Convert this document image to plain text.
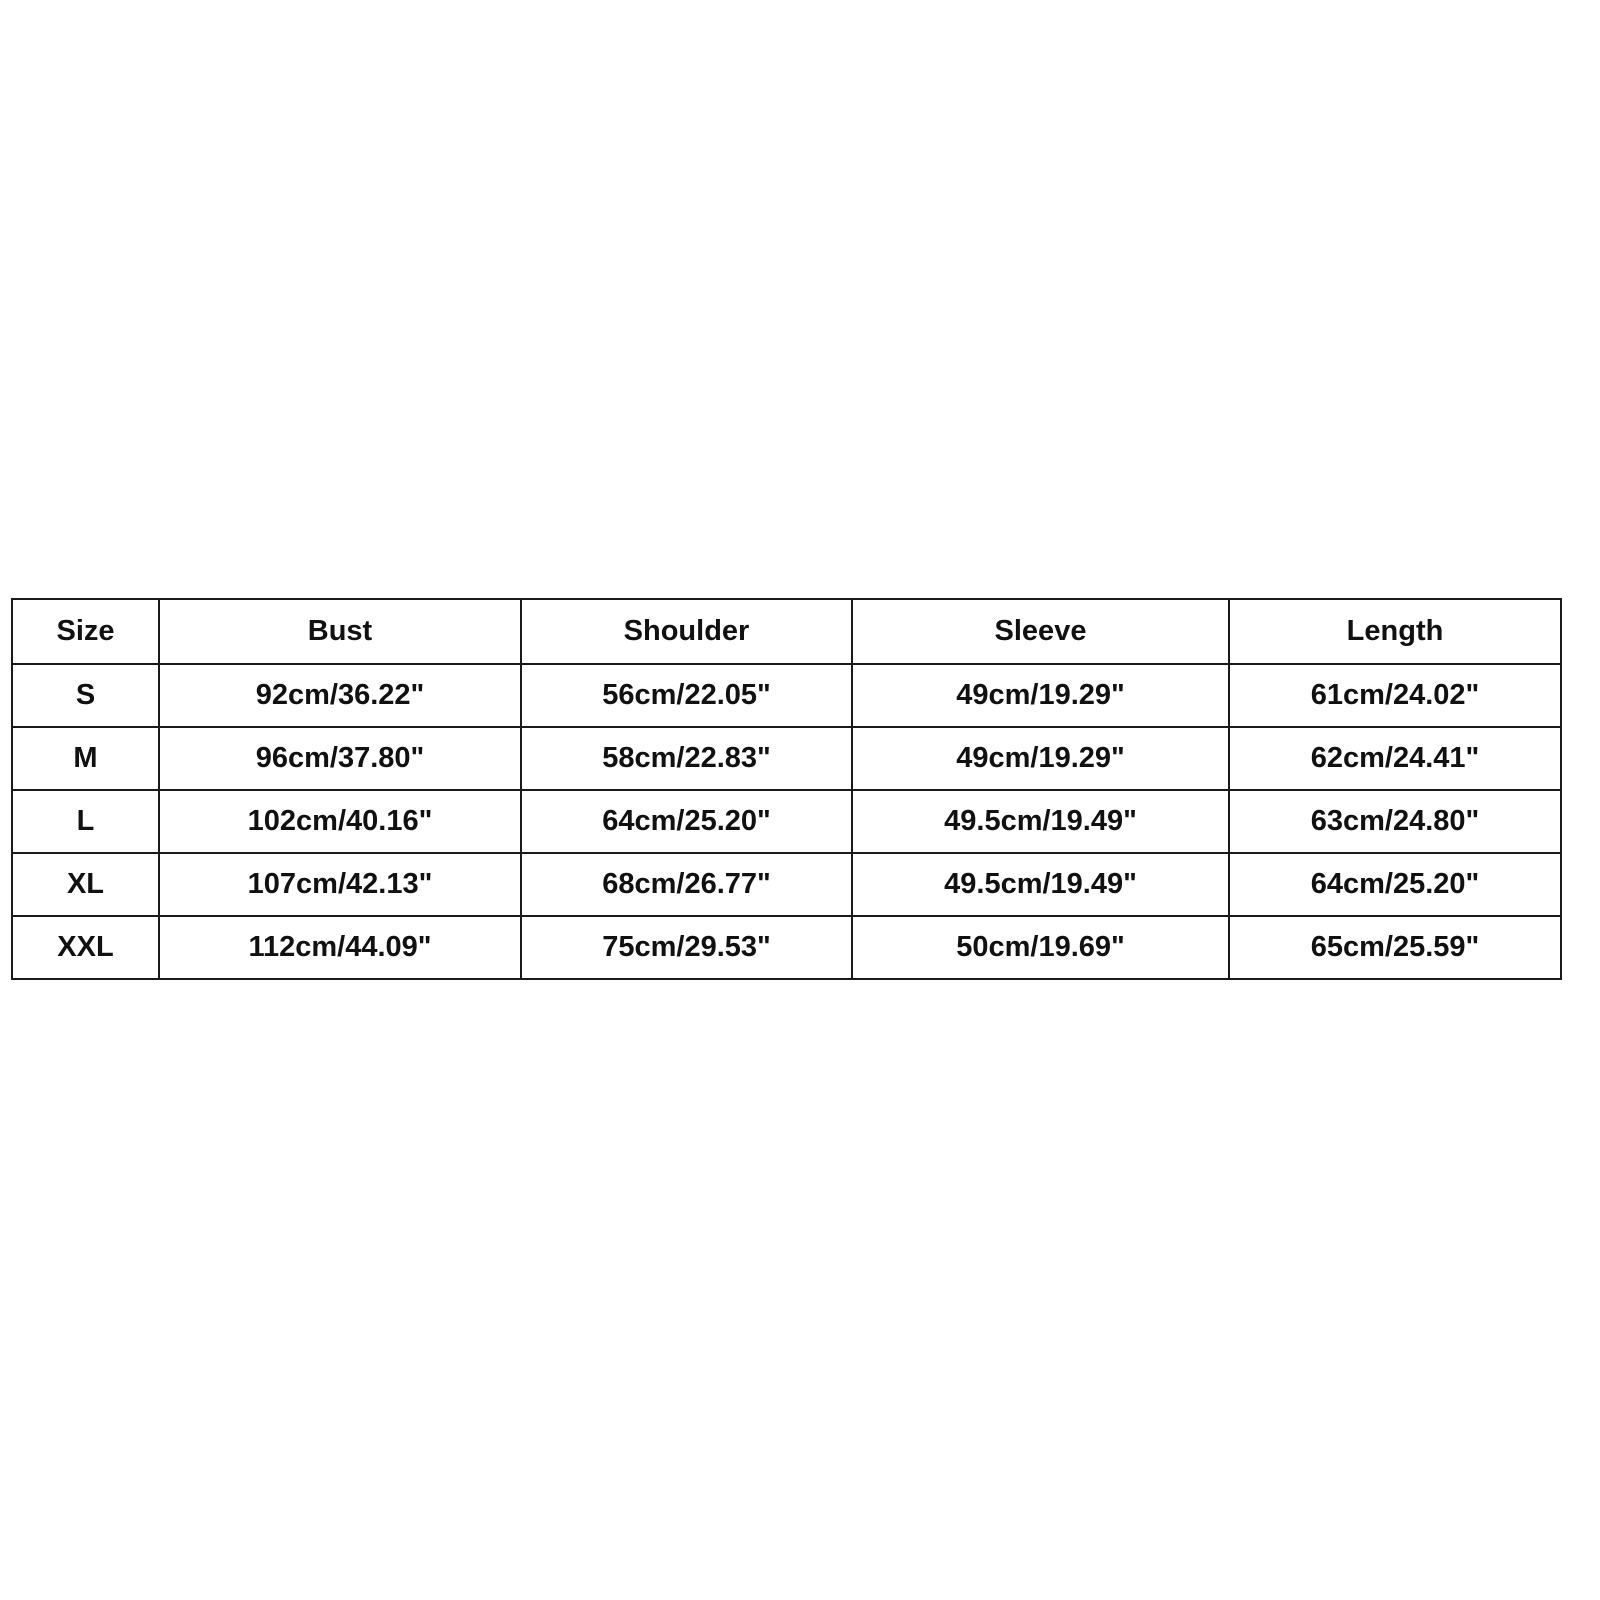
Size	Bust	Shoulder	Sleeve	Length
S	92cm/36.22"	56cm/22.05"	49cm/19.29"	61cm/24.02"
M	96cm/37.80"	58cm/22.83"	49cm/19.29"	62cm/24.41"
L	102cm/40.16"	64cm/25.20"	49.5cm/19.49"	63cm/24.80"
XL	107cm/42.13"	68cm/26.77"	49.5cm/19.49"	64cm/25.20"
XXL	112cm/44.09"	75cm/29.53"	50cm/19.69"	65cm/25.59"
